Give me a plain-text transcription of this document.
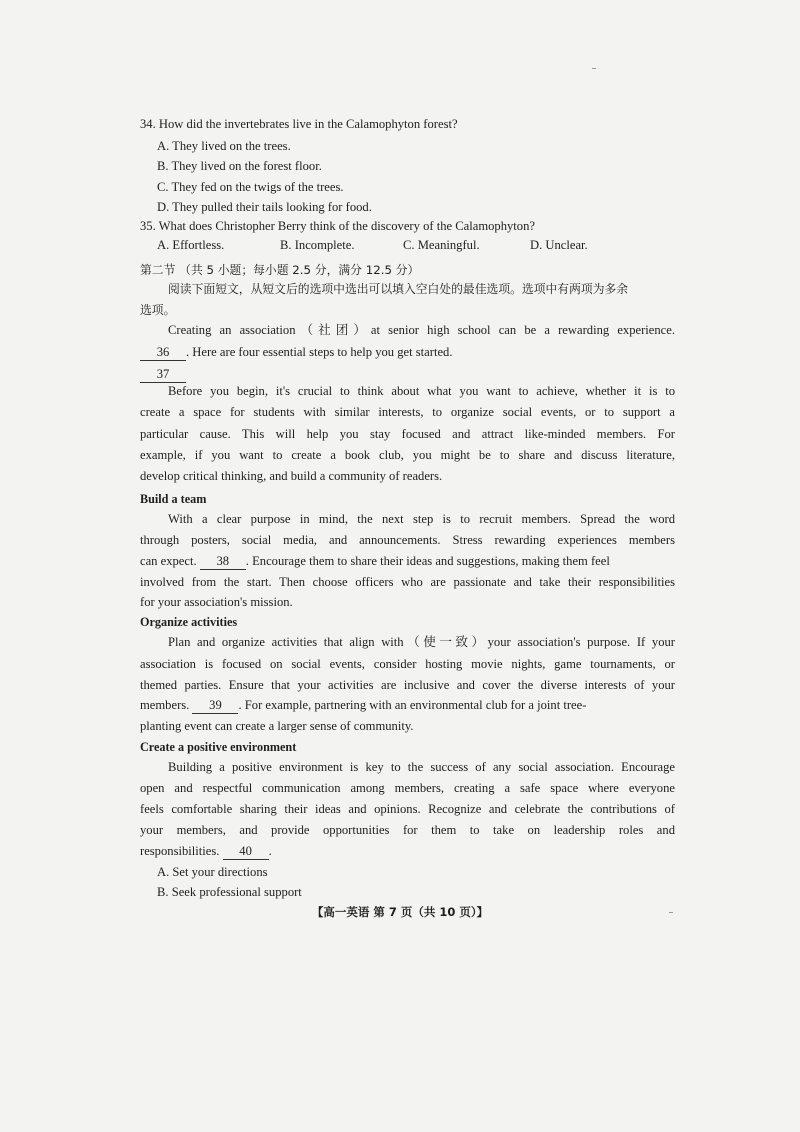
34. How did the invertebrates live in the Calamophyton forest?
A. They lived on the trees.
B. They lived on the forest floor.
C. They fed on the twigs of the trees.
D. They pulled their tails looking for food.
35. What does Christopher Berry think of the discovery of the Calamophyton?
A. Effortless.	B. Incomplete.	C. Meaningful.	D. Unclear.
第二节 （共 5 小题；每小题 2.5 分，满分 12.5 分）
阅读下面短文，从短文后的选项中选出可以填入空白处的最佳选项。选项中有两项为多余
选项。
Creating an association（社团）at senior high school can be a rewarding experience.
36 . Here are four essential steps to help you get started.
37
Before you begin, it's crucial to think about what you want to achieve, whether it is to
create a space for students with similar interests, to organize social events, or to support a
particular cause. This will help you stay focused and attract like-minded members. For
example, if you want to create a book club, you might be to share and discuss literature,
develop critical thinking, and build a community of readers.
Build a team
With a clear purpose in mind, the next step is to recruit members. Spread the word
through posters, social media, and announcements. Stress rewarding experiences members
can expect. 38 . Encourage them to share their ideas and suggestions, making them feel
involved from the start. Then choose officers who are passionate and take their responsibilities
for your association's mission.
Organize activities
Plan and organize activities that align with（使一致）your association's purpose. If your
association is focused on social events, consider hosting movie nights, game tournaments, or
themed parties. Ensure that your activities are inclusive and cover the diverse interests of your
members. 39 . For example, partnering with an environmental club for a joint tree-
planting event can create a larger sense of community.
Create a positive environment
Building a positive environment is key to the success of any social association. Encourage
open and respectful communication among members, creating a safe space where everyone
feels comfortable sharing their ideas and opinions. Recognize and celebrate the contributions of
your members, and provide opportunities for them to take on leadership roles and
responsibilities. 40 .
A. Set your directions
B. Seek professional support
【高一英语 第 7 页（共 10 页）】
